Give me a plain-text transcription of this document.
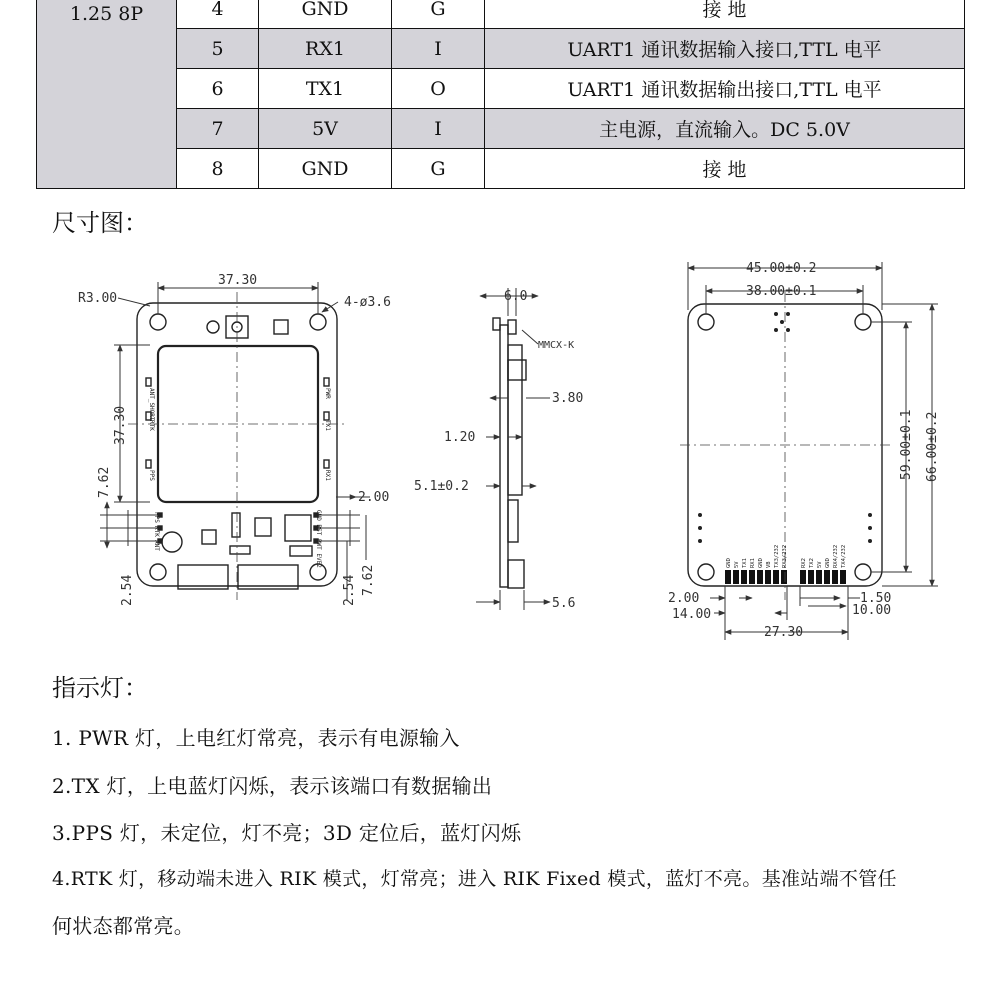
1.25 8P	4	GND	G	接 地
	5	RX1	I	UART1 通讯数据输入接口,TTL 电平
	6	TX1	O	UART1 通讯数据输出接口,TTL 电平
	7	5V	I	主电源，直流输入。DC 5.0V
	8	GND	G	接 地
尺寸图：
37.30
R3.00	4-ø3.6
37.30
7.62
2.54	2.54 7.62
2.00
ANT_SHORT
RTK
PPS
PPS
RTK
ANT
PWR
TX1
RX1
GND RST PWT EVE2
6.0
MMCX-K
3.80
1.20
5.1±0.2
5.6
45.00±0.2
38.00±0.1
59.00±0.1 66.00±0.2
2.00
14.00
27.30
1.50
10.00
GND 5V TX1 RX1 GND VB TX3/232 RX3/232 RX2 TX2 5V GND RX4/232 TX4/232
指示灯：
1. PWR 灯，上电红灯常亮，表示有电源输入
2.TX 灯，上电蓝灯闪烁，表示该端口有数据输出
3.PPS 灯，未定位，灯不亮；3D 定位后，蓝灯闪烁
4.RTK 灯，移动端未进入 RIK 模式，灯常亮；进入 RIK Fixed 模式，蓝灯不亮。基准站端不管任
何状态都常亮。
